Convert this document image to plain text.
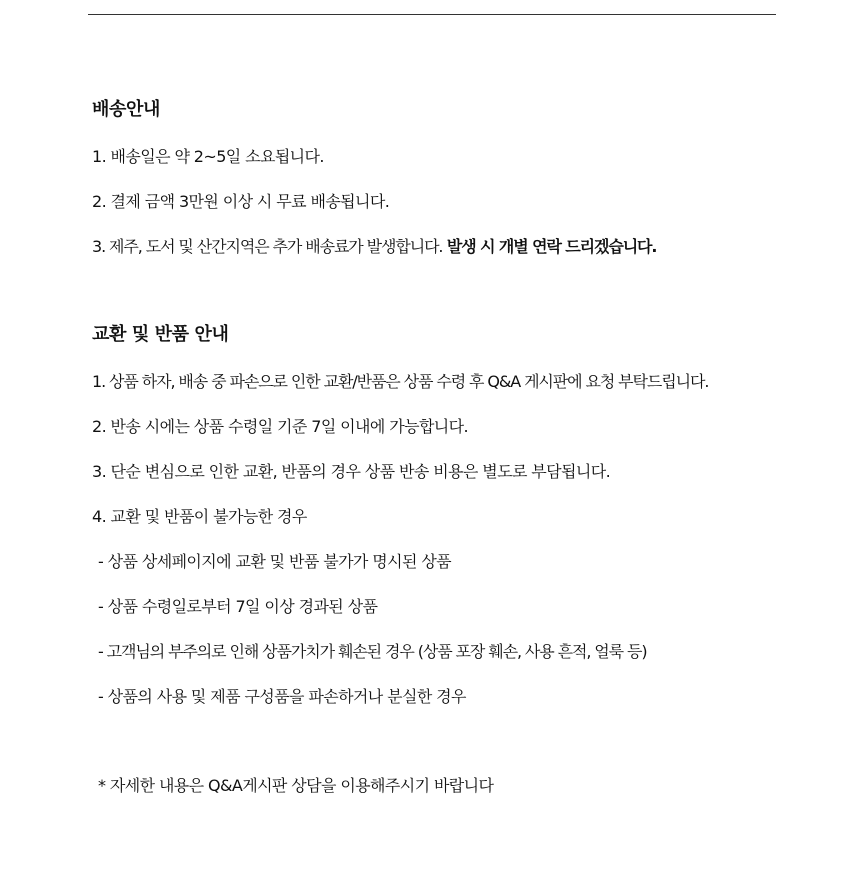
배송안내
1. 배송일은 약 2~5일 소요됩니다.
2. 결제 금액 3만원 이상 시 무료 배송됩니다.
3. 제주, 도서 및 산간지역은 추가 배송료가 발생합니다. 발생 시 개별 연락 드리겠습니다.
교환 및 반품 안내
1. 상품 하자, 배송 중 파손으로 인한 교환/반품은 상품 수령 후 Q&A 게시판에 요청 부탁드립니다.
2. 반송 시에는 상품 수령일 기준 7일 이내에 가능합니다.
3. 단순 변심으로 인한 교환, 반품의 경우 상품 반송 비용은 별도로 부담됩니다.
4. 교환 및 반품이 불가능한 경우
- 상품 상세페이지에 교환 및 반품 불가가 명시된 상품
- 상품 수령일로부터 7일 이상 경과된 상품
- 고객님의 부주의로 인해 상품가치가 훼손된 경우 (상품 포장 훼손, 사용 흔적, 얼룩 등)
- 상품의 사용 및 제품 구성품을 파손하거나 분실한 경우
* 자세한 내용은 Q&A게시판 상담을 이용해주시기 바랍니다
